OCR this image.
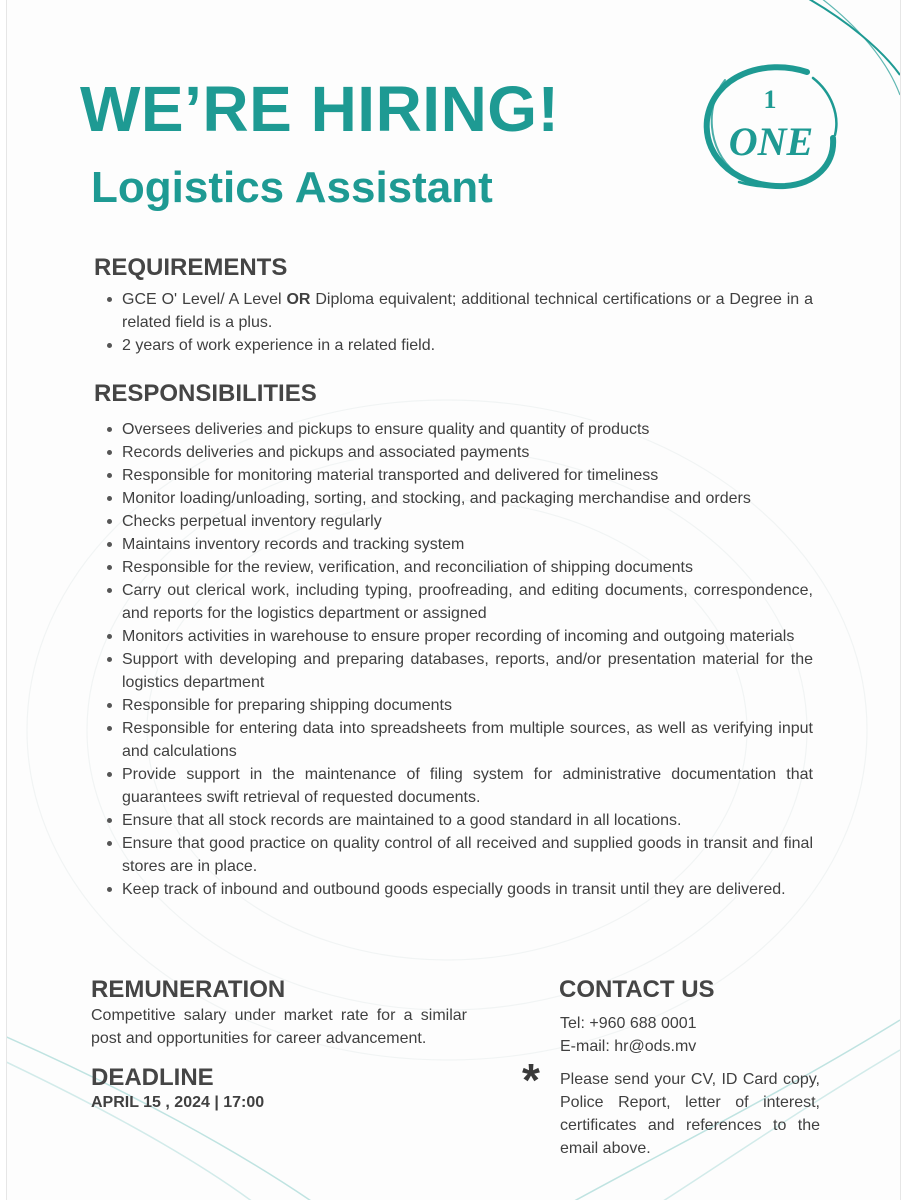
WE’RE HIRING!
Logistics Assistant
1
ONE
REQUIREMENTS
GCE O' Level/ A Level OR Diploma equivalent; additional technical certifications or a Degree in a related field is a plus.
2 years of work experience in a related field.
RESPONSIBILITIES
Oversees deliveries and pickups to ensure quality and quantity of products
Records deliveries and pickups and associated payments
Responsible for monitoring material transported and delivered for timeliness
Monitor loading/unloading, sorting, and stocking, and packaging merchandise and orders
Checks perpetual inventory regularly
Maintains inventory records and tracking system
Responsible for the review, verification, and reconciliation of shipping documents
Carry out clerical work, including typing, proofreading, and editing documents, correspondence, and reports for the logistics department or assigned
Monitors activities in warehouse to ensure proper recording of incoming and outgoing materials
Support with developing and preparing databases, reports, and/or presentation material for the logistics department
Responsible for preparing shipping documents
Responsible for entering data into spreadsheets from multiple sources, as well as verifying input and calculations
Provide support in the maintenance of filing system for administrative documentation that guarantees swift retrieval of requested documents.
Ensure that all stock records are maintained to a good standard in all locations.
Ensure that good practice on quality control of all received and supplied goods in transit and final stores are in place.
Keep track of inbound and outbound goods especially goods in transit until they are delivered.
REMUNERATION
Competitive salary under market rate for a similar post and opportunities for career advancement.
DEADLINE
APRIL 15 , 2024 | 17:00
CONTACT US
Tel: +960 688 0001
E-mail: hr@ods.mv
* Please send your CV, ID Card copy, Police Report, letter of interest, certificates and references to the email above.
